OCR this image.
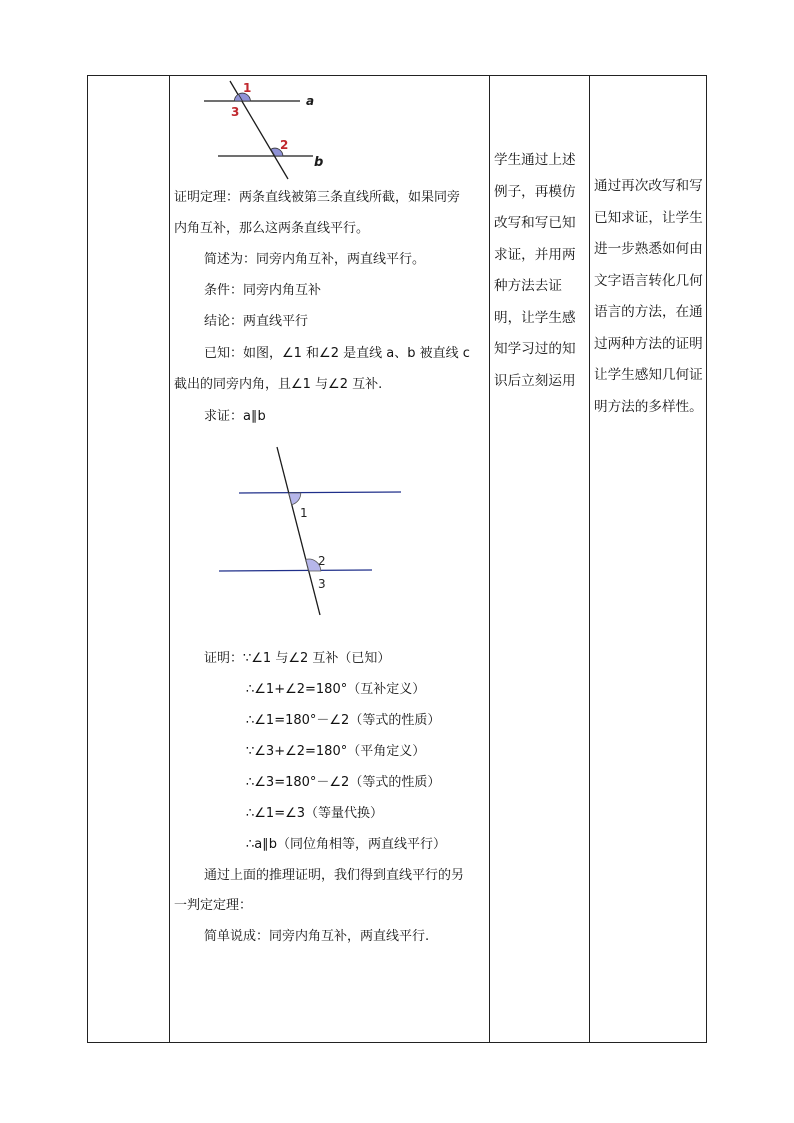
1
3
2
a
b
证明定理：两条直线被第三条直线所截，如果同旁
内角互补，那么这两条直线平行。
简述为：同旁内角互补，两直线平行。
条件：同旁内角互补
结论：两直线平行
已知：如图，∠1 和∠2 是直线 a、b 被直线 c
截出的同旁内角，且∠1 与∠2 互补.
求证：a∥b
1
2
3
证明：∵∠1 与∠2 互补（已知）
∴∠1+∠2=180°（互补定义）
∴∠1=180°－∠2（等式的性质）
∵∠3+∠2=180°（平角定义）
∴∠3=180°－∠2（等式的性质）
∴∠1=∠3（等量代换）
∴a∥b（同位角相等，两直线平行）
通过上面的推理证明，我们得到直线平行的另
一判定定理：
简单说成：同旁内角互补，两直线平行.
学生通过上述例子，再模仿改写和写已知求证，并用两种方法去证明，让学生感知学习过的知识后立刻运用
通过再次改写和写已知求证，让学生进一步熟悉如何由文字语言转化几何语言的方法，在通过两种方法的证明让学生感知几何证明方法的多样性。
